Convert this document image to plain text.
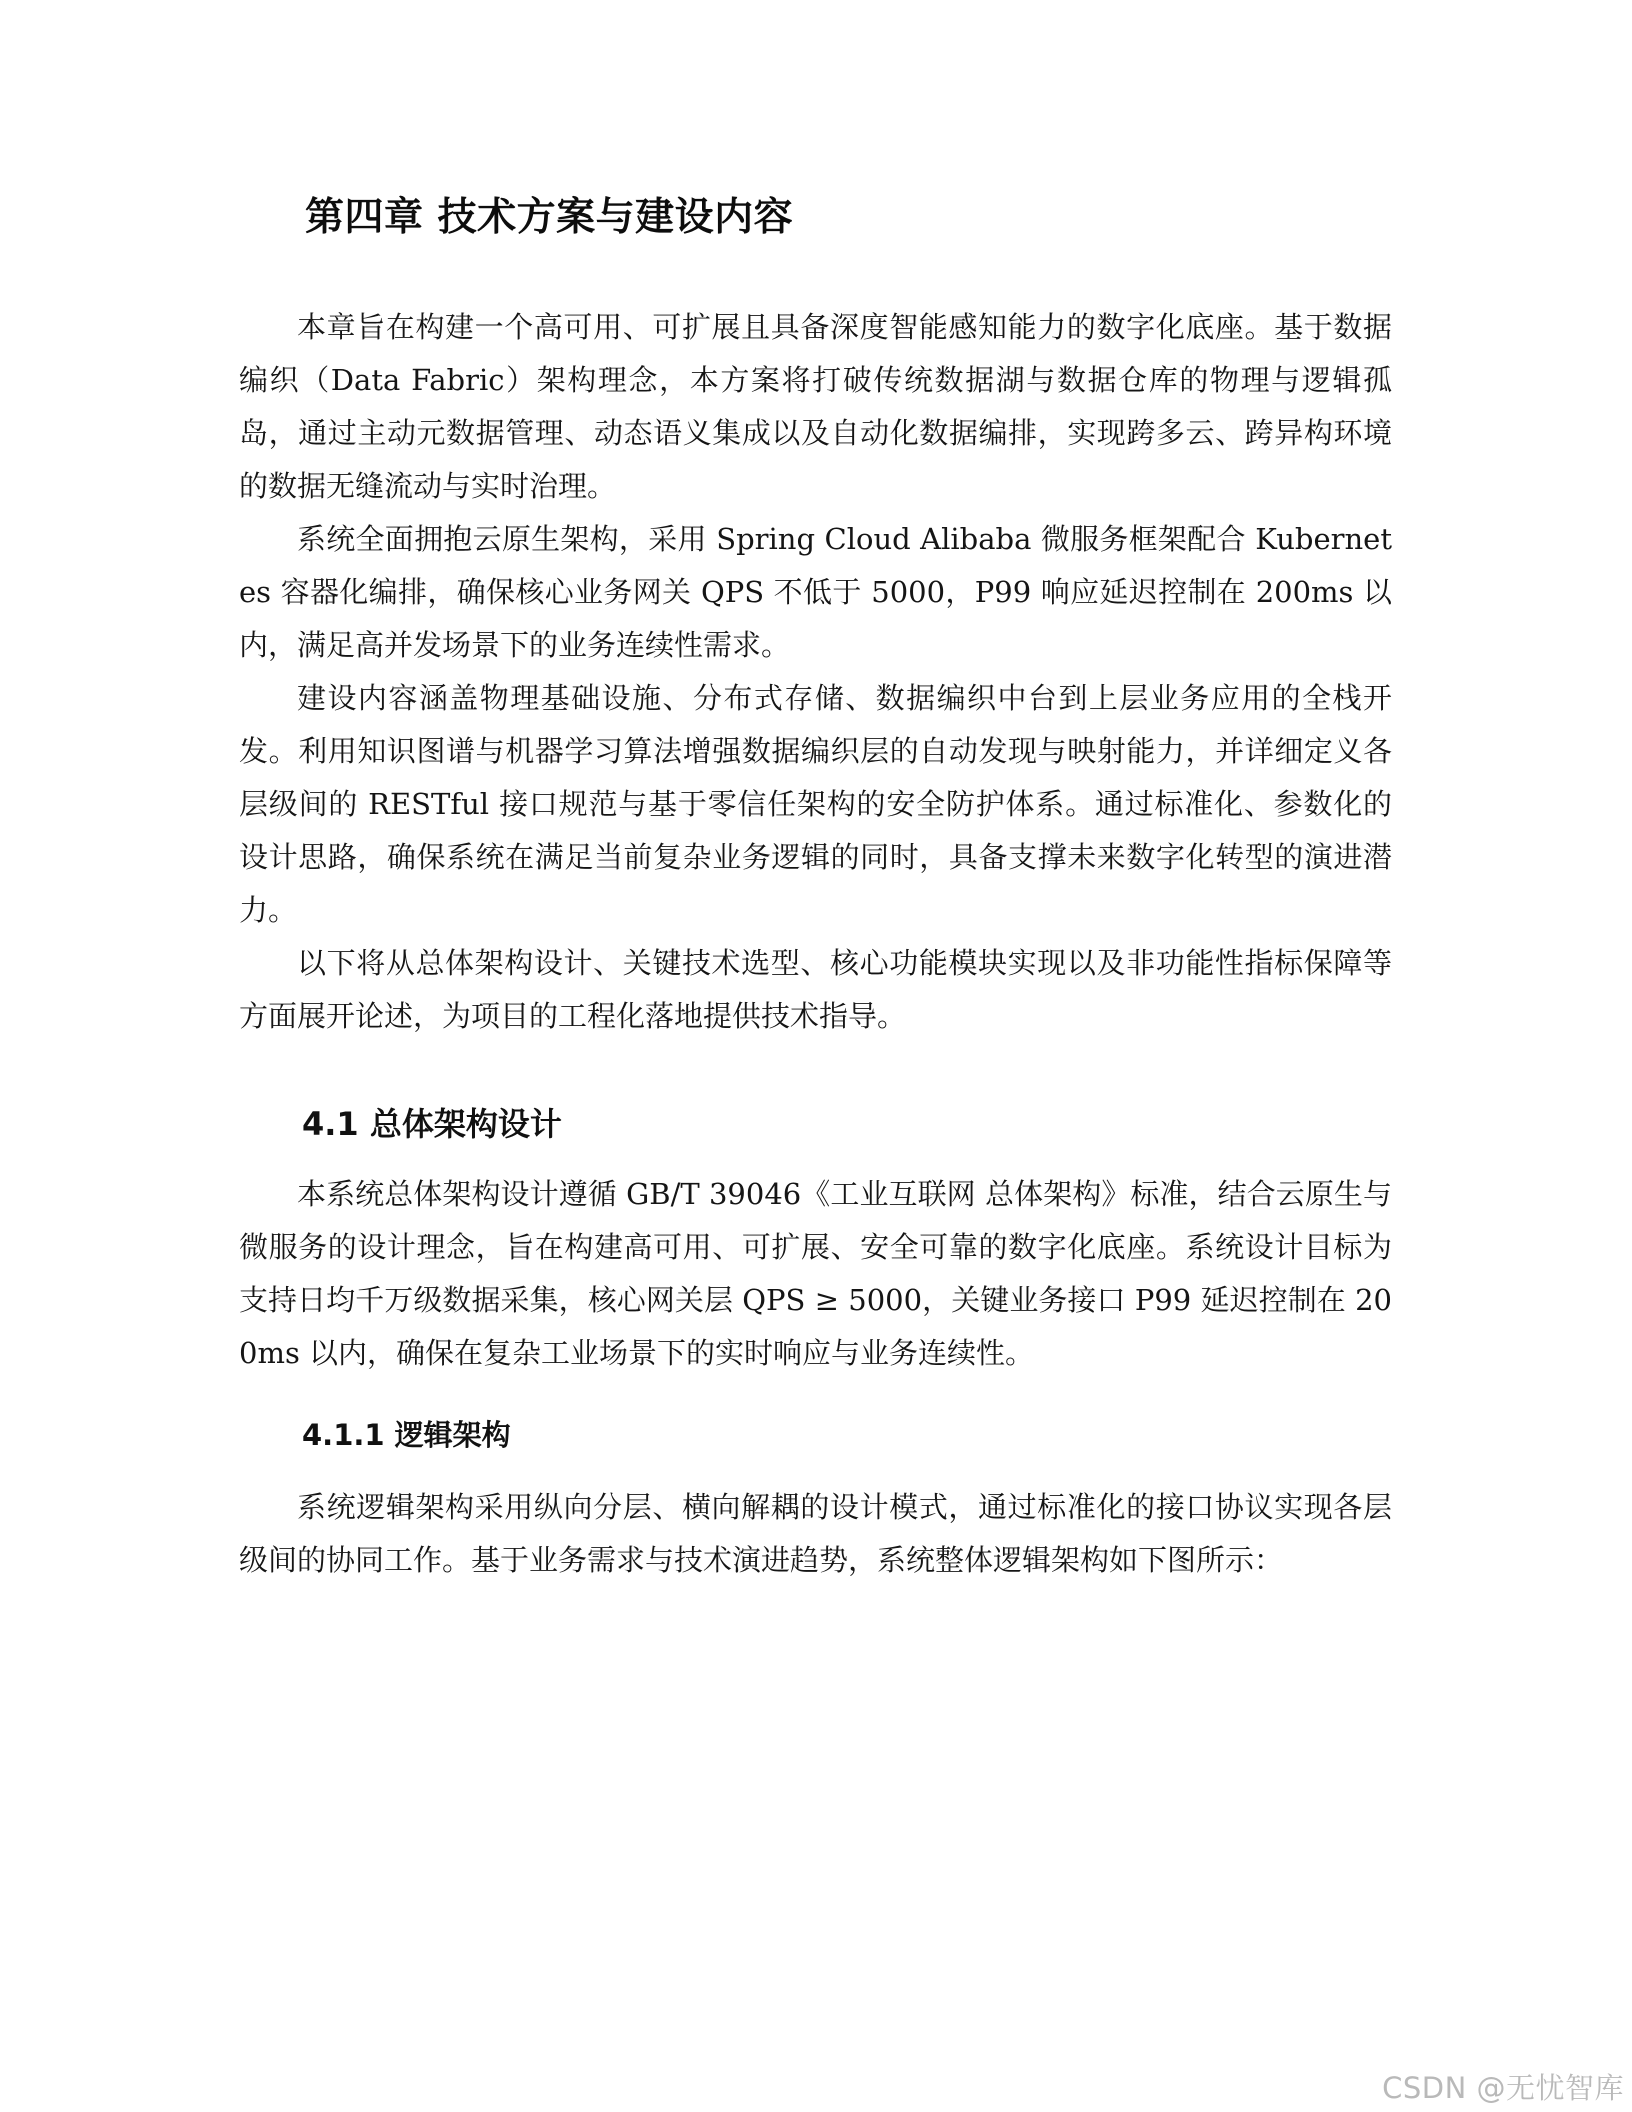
第四章 技术方案与建设内容

本章旨在构建一个高可用、可扩展且具备深度智能感知能力的数字化底座。基于数据编织（Data Fabric）架构理念，本方案将打破传统数据湖与数据仓库的物理与逻辑孤岛，通过主动元数据管理、动态语义集成以及自动化数据编排，实现跨多云、跨异构环境的数据无缝流动与实时治理。

系统全面拥抱云原生架构，采用 Spring Cloud Alibaba 微服务框架配合 Kubernetes 容器化编排，确保核心业务网关 QPS 不低于 5000，P99 响应延迟控制在 200ms 以内，满足高并发场景下的业务连续性需求。

建设内容涵盖物理基础设施、分布式存储、数据编织中台到上层业务应用的全栈开发。利用知识图谱与机器学习算法增强数据编织层的自动发现与映射能力，并详细定义各层级间的 RESTful 接口规范与基于零信任架构的安全防护体系。通过标准化、参数化的设计思路，确保系统在满足当前复杂业务逻辑的同时，具备支撑未来数字化转型的演进潜力。

以下将从总体架构设计、关键技术选型、核心功能模块实现以及非功能性指标保障等方面展开论述，为项目的工程化落地提供技术指导。

4.1 总体架构设计

本系统总体架构设计遵循 GB/T 39046《工业互联网 总体架构》标准，结合云原生与微服务的设计理念，旨在构建高可用、可扩展、安全可靠的数字化底座。系统设计目标为支持日均千万级数据采集，核心网关层 QPS ≥ 5000，关键业务接口 P99 延迟控制在 200ms 以内，确保在复杂工业场景下的实时响应与业务连续性。

4.1.1 逻辑架构

系统逻辑架构采用纵向分层、横向解耦的设计模式，通过标准化的接口协议实现各层级间的协同工作。基于业务需求与技术演进趋势，系统整体逻辑架构如下图所示：

CSDN @无忧智库
